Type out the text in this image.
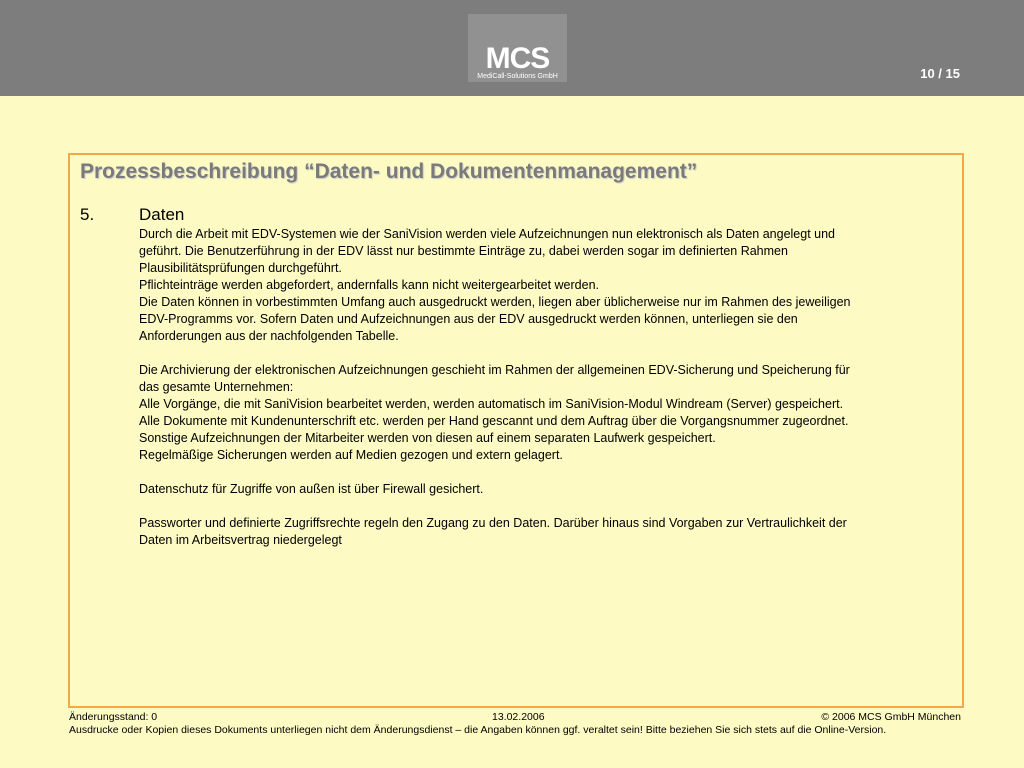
MCS
MediCall-Solutions GmbH	10 / 15
Prozessbeschreibung “Daten- und Dokumentenmanagement”
5.	Daten

Durch die Arbeit mit EDV-Systemen wie der SaniVision werden viele Aufzeichnungen nun elektronisch als Daten angelegt und

geführt. Die Benutzerführung in der EDV lässt nur bestimmte Einträge zu, dabei werden sogar im definierten Rahmen

Plausibilitätsprüfungen durchgeführt.

Pflichteinträge werden abgefordert, andernfalls kann nicht weitergearbeitet werden.

Die Daten können in vorbestimmten Umfang auch ausgedruckt werden, liegen aber üblicherweise nur im Rahmen des jeweiligen

EDV-Programms vor. Sofern Daten und Aufzeichnungen aus der EDV ausgedruckt werden können, unterliegen sie den

Anforderungen aus der nachfolgenden Tabelle.

Die Archivierung der elektronischen Aufzeichnungen geschieht im Rahmen der allgemeinen EDV-Sicherung und Speicherung für

das gesamte Unternehmen:

Alle Vorgänge, die mit SaniVision bearbeitet werden, werden automatisch im SaniVision-Modul Windream (Server) gespeichert.

Alle Dokumente mit Kundenunterschrift etc. werden per Hand gescannt und dem Auftrag über die Vorgangsnummer zugeordnet.

Sonstige Aufzeichnungen der Mitarbeiter werden von diesen auf einem separaten Laufwerk gespeichert.

Regelmäßige Sicherungen werden auf Medien gezogen und extern gelagert.

Datenschutz für Zugriffe von außen ist über Firewall gesichert.

Passworter und definierte Zugriffsrechte regeln den Zugang zu den Daten. Darüber hinaus sind Vorgaben zur Vertraulichkeit der

Daten im Arbeitsvertrag niedergelegt

Änderungsstand: 0	13.02.2006	© 2006 MCS GmbH München
Ausdrucke oder Kopien dieses Dokuments unterliegen nicht dem Änderungsdienst – die Angaben können ggf. veraltet sein! Bitte beziehen Sie sich stets auf die Online-Version.
